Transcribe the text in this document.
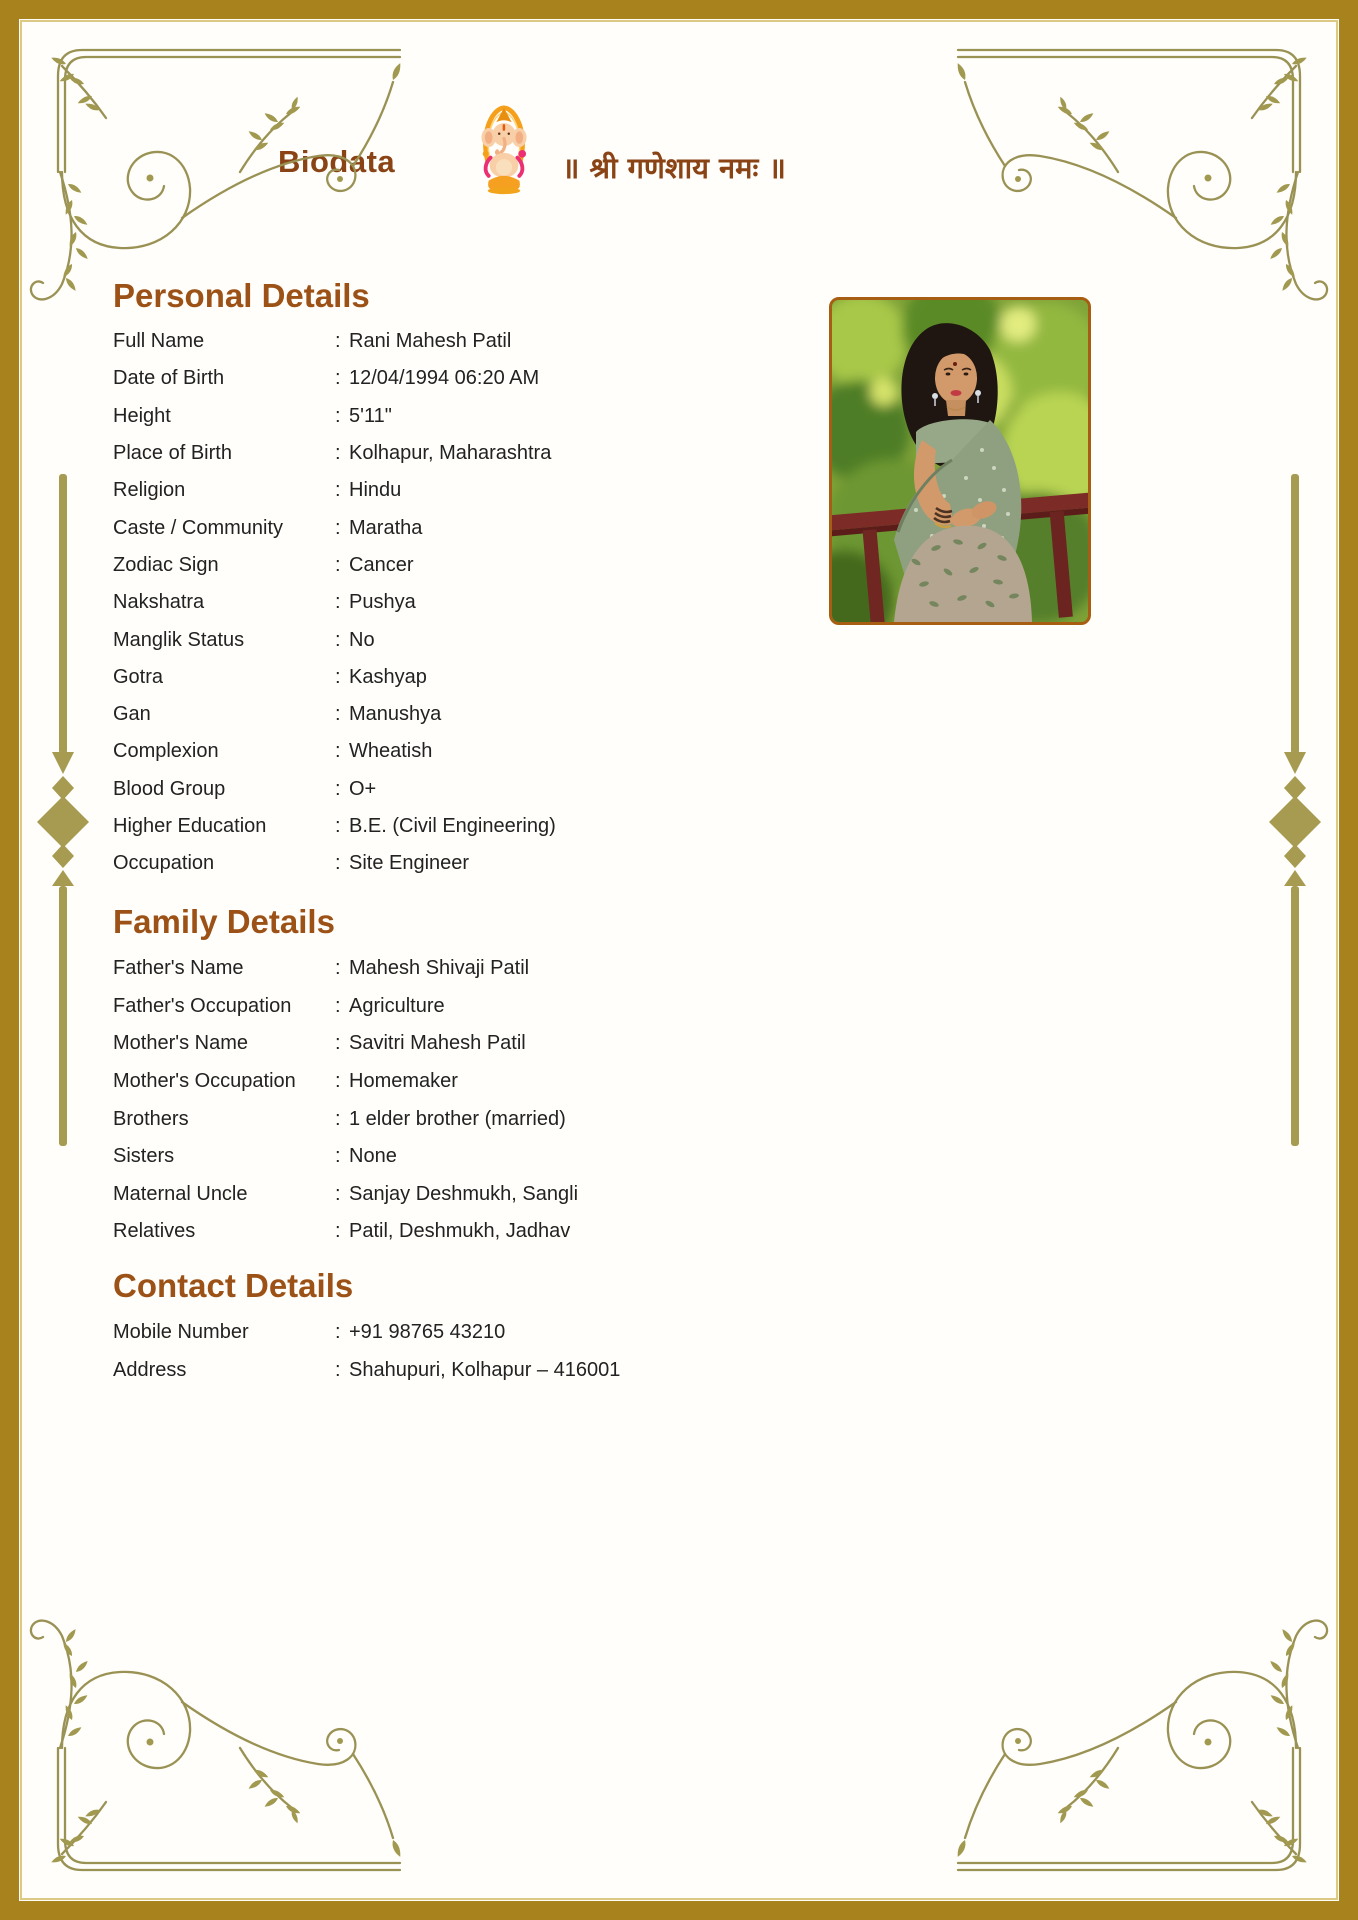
Biodata	॥ श्री गणेशाय नमः ॥
Personal Details
Full Name	: Rani Mahesh Patil
Date of Birth	: 12/04/1994 06:20 AM
Height	: 5'11"
Place of Birth	: Kolhapur, Maharashtra
Religion	: Hindu
Caste / Community	: Maratha
Zodiac Sign	: Cancer
Nakshatra	: Pushya
Manglik Status	: No
Gotra	: Kashyap
Gan	: Manushya
Complexion	: Wheatish
Blood Group	: O+
Higher Education	: B.E. (Civil Engineering)
Occupation	: Site Engineer
Family Details
Father's Name	: Mahesh Shivaji Patil
Father's Occupation	: Agriculture
Mother's Name	: Savitri Mahesh Patil
Mother's Occupation	: Homemaker
Brothers	: 1 elder brother (married)
Sisters	: None
Maternal Uncle	: Sanjay Deshmukh, Sangli
Relatives	: Patil, Deshmukh, Jadhav
Contact Details
Mobile Number	: +91 98765 43210
Address	: Shahupuri, Kolhapur – 416001
